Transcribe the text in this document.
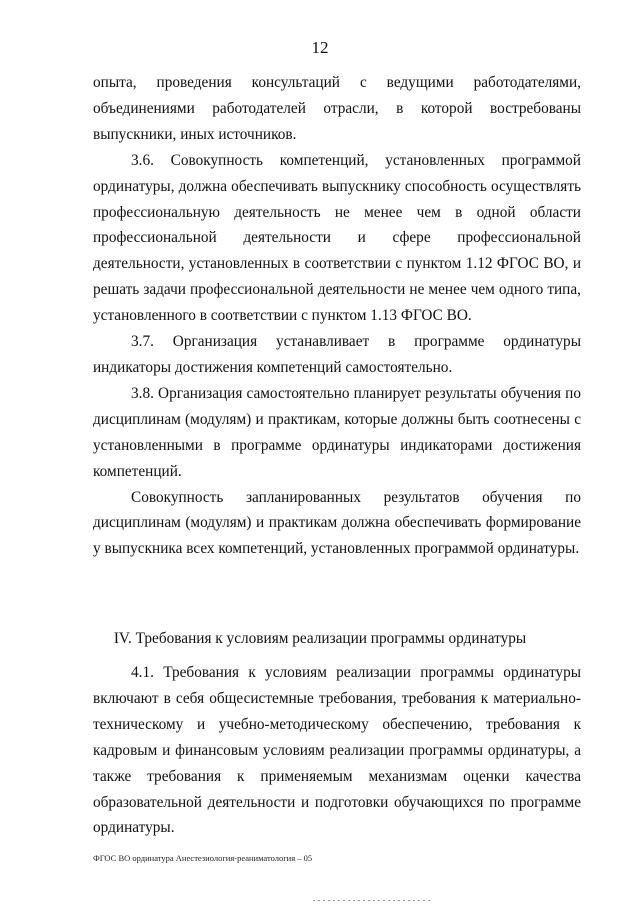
12

опыта, проведения консультаций с ведущими работодателями, объединениями работодателей отрасли, в которой востребованы выпускники, иных источников.

3.6. Совокупность компетенций, установленных программой ординатуры, должна обеспечивать выпускнику способность осуществлять профессиональную деятельность не менее чем в одной области профессиональной деятельности и сфере профессиональной деятельности, установленных в соответствии с пунктом 1.12 ФГОС ВО, и решать задачи профессиональной деятельности не менее чем одного типа, установленного в соответствии с пунктом 1.13 ФГОС ВО.

3.7. Организация устанавливает в программе ординатуры индикаторы достижения компетенций самостоятельно.

3.8. Организация самостоятельно планирует результаты обучения по дисциплинам (модулям) и практикам, которые должны быть соотнесены с установленными в программе ординатуры индикаторами достижения компетенций.

Совокупность запланированных результатов обучения по дисциплинам (модулям) и практикам должна обеспечивать формирование у выпускника всех компетенций, установленных программой ординатуры.

IV. Требования к условиям реализации программы ординатуры

4.1. Требования к условиям реализации программы ординатуры включают в себя общесистемные требования, требования к материально-техническому и учебно-методическому обеспечению, требования к кадровым и финансовым условиям реализации программы ординатуры, а также требования к применяемым механизмам оценки качества образовательной деятельности и подготовки обучающихся по программе ординатуры.

ФГОС ВО ординатура Анестезиология-реаниматология – 05
